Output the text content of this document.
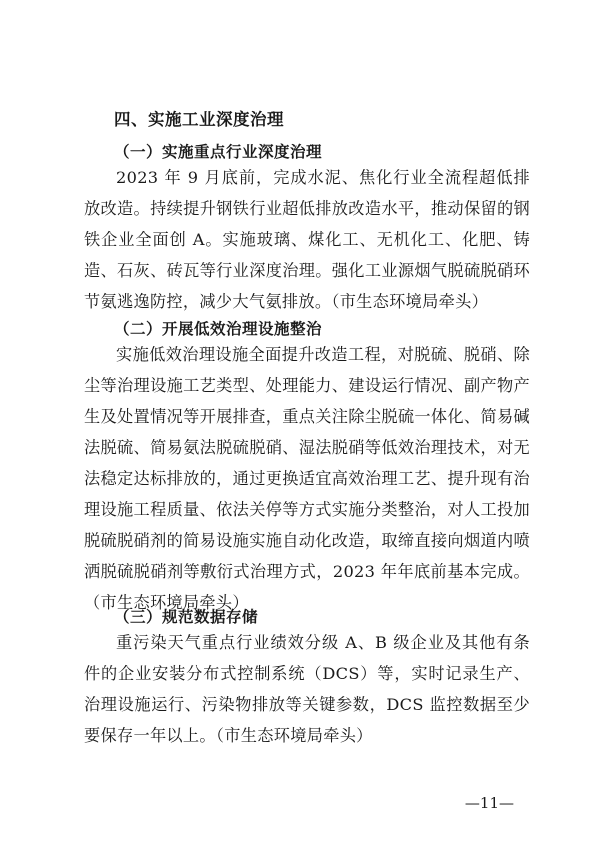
四、实施工业深度治理
（一）实施重点行业深度治理

2023 年 9 月底前，完成水泥、焦化行业全流程超低排放改造。持续提升钢铁行业超低排放改造水平，推动保留的钢铁企业全面创 A。实施玻璃、煤化工、无机化工、化肥、铸造、石灰、砖瓦等行业深度治理。强化工业源烟气脱硫脱硝环节氨逃逸防控，减少大气氨排放。（市生态环境局牵头）

（二）开展低效治理设施整治

实施低效治理设施全面提升改造工程，对脱硫、脱硝、除尘等治理设施工艺类型、处理能力、建设运行情况、副产物产生及处置情况等开展排查，重点关注除尘脱硫一体化、简易碱法脱硫、简易氨法脱硫脱硝、湿法脱硝等低效治理技术，对无法稳定达标排放的，通过更换适宜高效治理工艺、提升现有治理设施工程质量、依法关停等方式实施分类整治，对人工投加脱硫脱硝剂的简易设施实施自动化改造，取缔直接向烟道内喷洒脱硫脱硝剂等敷衍式治理方式，2023 年年底前基本完成。（市生态环境局牵头）

（三）规范数据存储

重污染天气重点行业绩效分级 A、B 级企业及其他有条件的企业安装分布式控制系统（DCS）等，实时记录生产、治理设施运行、污染物排放等关键参数，DCS 监控数据至少要保存一年以上。（市生态环境局牵头）

—11—
